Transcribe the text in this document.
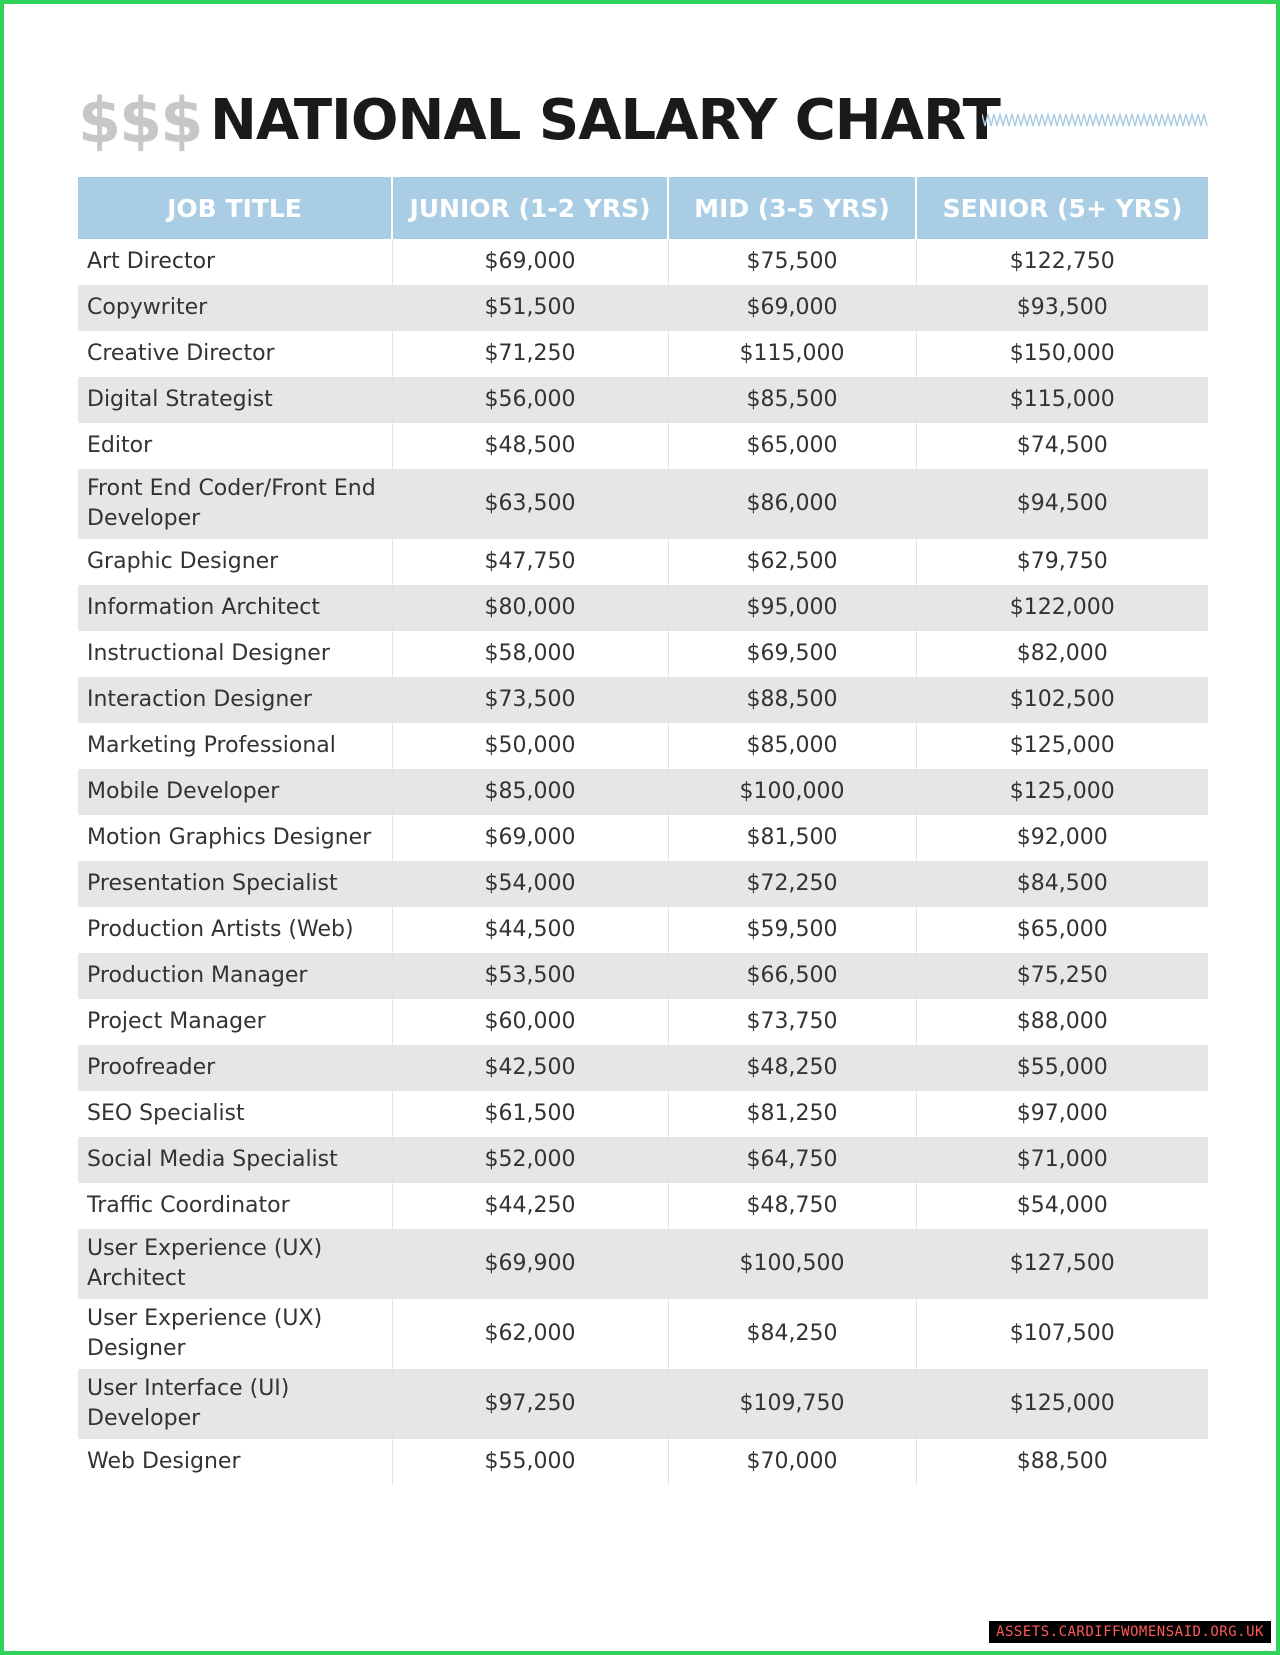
$$$ NATIONAL SALARY CHART
JOB TITLE	JUNIOR (1-2 YRS)	MID (3-5 YRS)	SENIOR (5+ YRS)
Art Director	$69,000	$75,500	$122,750
Copywriter	$51,500	$69,000	$93,500
Creative Director	$71,250	$115,000	$150,000
Digital Strategist	$56,000	$85,500	$115,000
Editor	$48,500	$65,000	$74,500
Front End Coder/Front End Developer	$63,500	$86,000	$94,500
Graphic Designer	$47,750	$62,500	$79,750
Information Architect	$80,000	$95,000	$122,000
Instructional Designer	$58,000	$69,500	$82,000
Interaction Designer	$73,500	$88,500	$102,500
Marketing Professional	$50,000	$85,000	$125,000
Mobile Developer	$85,000	$100,000	$125,000
Motion Graphics Designer	$69,000	$81,500	$92,000
Presentation Specialist	$54,000	$72,250	$84,500
Production Artists (Web)	$44,500	$59,500	$65,000
Production Manager	$53,500	$66,500	$75,250
Project Manager	$60,000	$73,750	$88,000
Proofreader	$42,500	$48,250	$55,000
SEO Specialist	$61,500	$81,250	$97,000
Social Media Specialist	$52,000	$64,750	$71,000
Traffic Coordinator	$44,250	$48,750	$54,000
User Experience (UX) Architect	$69,900	$100,500	$127,500
User Experience (UX) Designer	$62,000	$84,250	$107,500
User Interface (UI) Developer	$97,250	$109,750	$125,000
Web Designer	$55,000	$70,000	$88,500
ASSETS.CARDIFFWOMENSAID.ORG.UK
